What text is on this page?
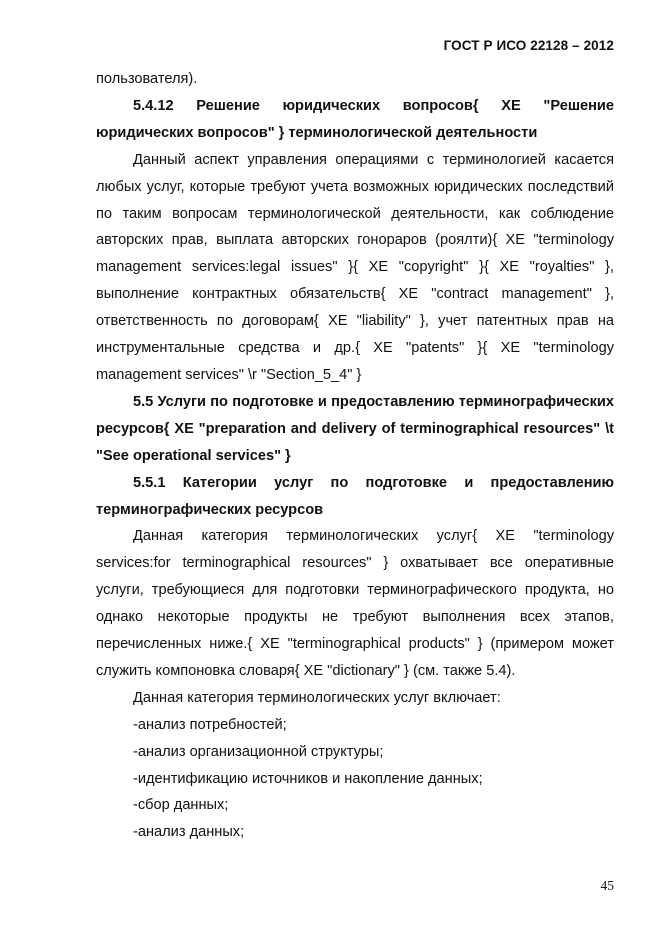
ГОСТ Р ИСО 22128 – 2012

пользователя).

5.4.12 Решение юридических вопросов{ XE "Решение юридических вопросов" } терминологической деятельности

Данный аспект управления операциями с терминологией касается любых услуг, которые требуют учета возможных юридических последствий по таким вопросам терминологической деятельности, как соблюдение авторских прав, выплата авторских гонораров (роялти){ XE "terminology management services:legal issues" }{ XE "copyright" }{ XE "royalties" }, выполнение контрактных обязательств{ XE "contract management" }, ответственность по договорам{ XE "liability" }, учет патентных прав на инструментальные средства и др.{ XE "patents" }{ XE "terminology management services" \r "Section_5_4" }

5.5 Услуги по подготовке и предоставлению терминографических ресурсов{ XE "preparation and delivery of terminographical resources" \t "See operational services" }

5.5.1 Категории услуг по подготовке и предоставлению терминографических ресурсов

Данная категория терминологических услуг{ XE "terminology services:for terminographical resources" } охватывает все оперативные услуги, требующиеся для подготовки терминографического продукта, но однако некоторые продукты не требуют выполнения всех этапов, перечисленных ниже.{ XE "terminographical products" } (примером может служить компоновка словаря{ XE "dictionary" } (см. также 5.4).

Данная категория терминологических услуг включает:

-анализ потребностей;

-анализ организационной структуры;

-идентификацию источников и накопление данных;

-сбор данных;

-анализ данных;

45
